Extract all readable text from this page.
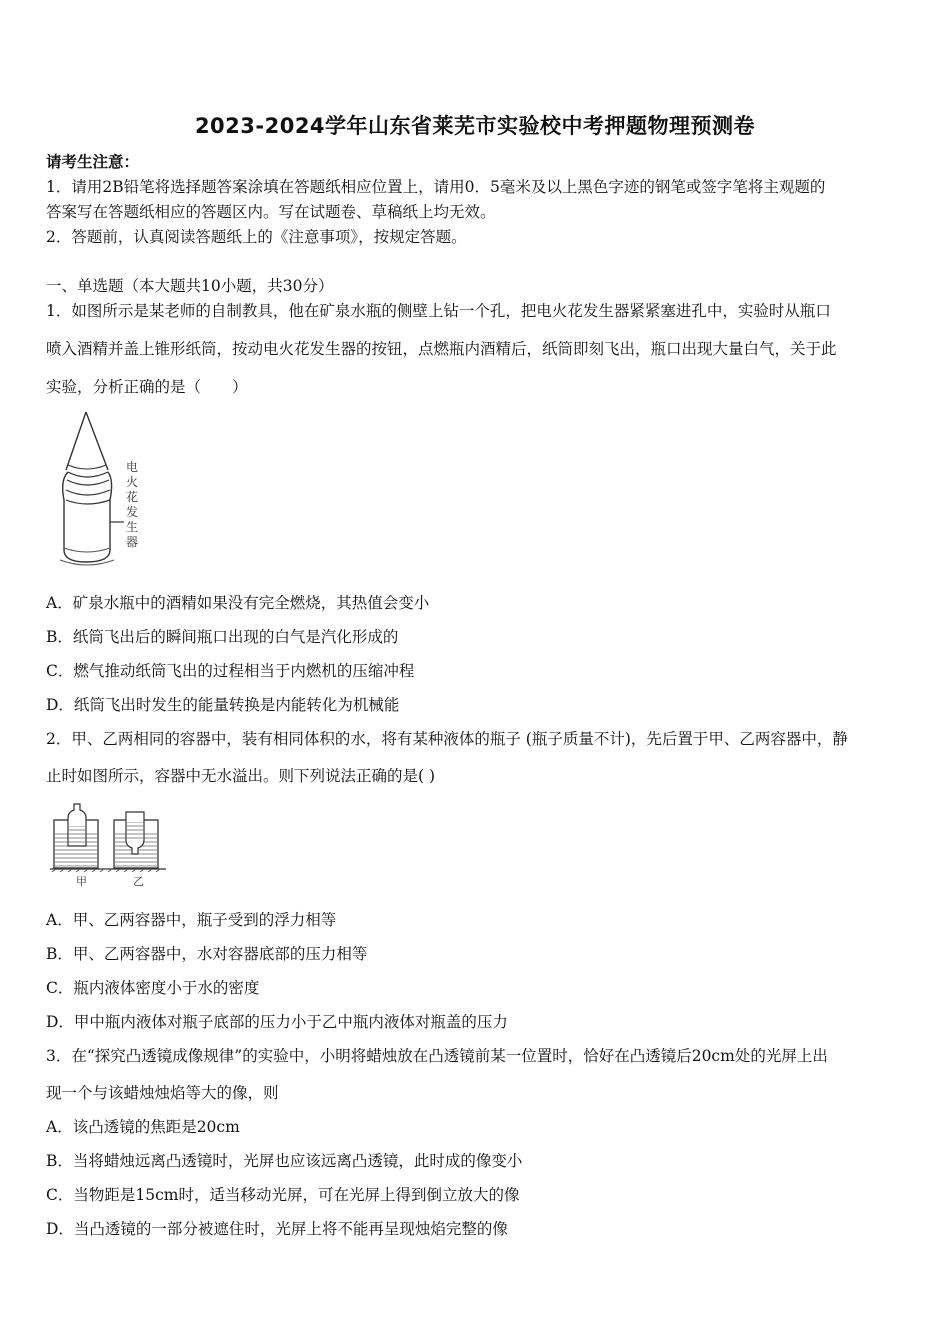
2023-2024学年山东省莱芜市实验校中考押题物理预测卷
请考生注意：
1．请用2B铅笔将选择题答案涂填在答题纸相应位置上，请用0．5毫米及以上黑色字迹的钢笔或签字笔将主观题的
答案写在答题纸相应的答题区内。写在试题卷、草稿纸上均无效。
2．答题前，认真阅读答题纸上的《注意事项》，按规定答题。
一、单选题（本大题共10小题，共30分）
1．如图所示是某老师的自制教具，他在矿泉水瓶的侧壁上钻一个孔，把电火花发生器紧紧塞进孔中，实验时从瓶口
喷入酒精并盖上锥形纸筒，按动电火花发生器的按钮，点燃瓶内酒精后，纸筒即刻飞出，瓶口出现大量白气，关于此
实验，分析正确的是（　　）
电
火
花
发
生
器
A．矿泉水瓶中的酒精如果没有完全燃烧，其热值会变小
B．纸筒飞出后的瞬间瓶口出现的白气是汽化形成的
C．燃气推动纸筒飞出的过程相当于内燃机的压缩冲程
D．纸筒飞出时发生的能量转换是内能转化为机械能
2．甲、乙两相同的容器中，装有相同体积的水，将有某种液体的瓶子 (瓶子质量不计)，先后置于甲、乙两容器中，静
止时如图所示，容器中无水溢出。则下列说法正确的是( )
甲	乙
A．甲、乙两容器中，瓶子受到的浮力相等
B．甲、乙两容器中，水对容器底部的压力相等
C．瓶内液体密度小于水的密度
D．甲中瓶内液体对瓶子底部的压力小于乙中瓶内液体对瓶盖的压力
3．在“探究凸透镜成像规律”的实验中，小明将蜡烛放在凸透镜前某一位置时，恰好在凸透镜后20cm处的光屏上出
现一个与该蜡烛烛焰等大的像，则
A．该凸透镜的焦距是20cm
B．当将蜡烛远离凸透镜时，光屏也应该远离凸透镜，此时成的像变小
C．当物距是15cm时，适当移动光屏，可在光屏上得到倒立放大的像
D．当凸透镜的一部分被遮住时，光屏上将不能再呈现烛焰完整的像
